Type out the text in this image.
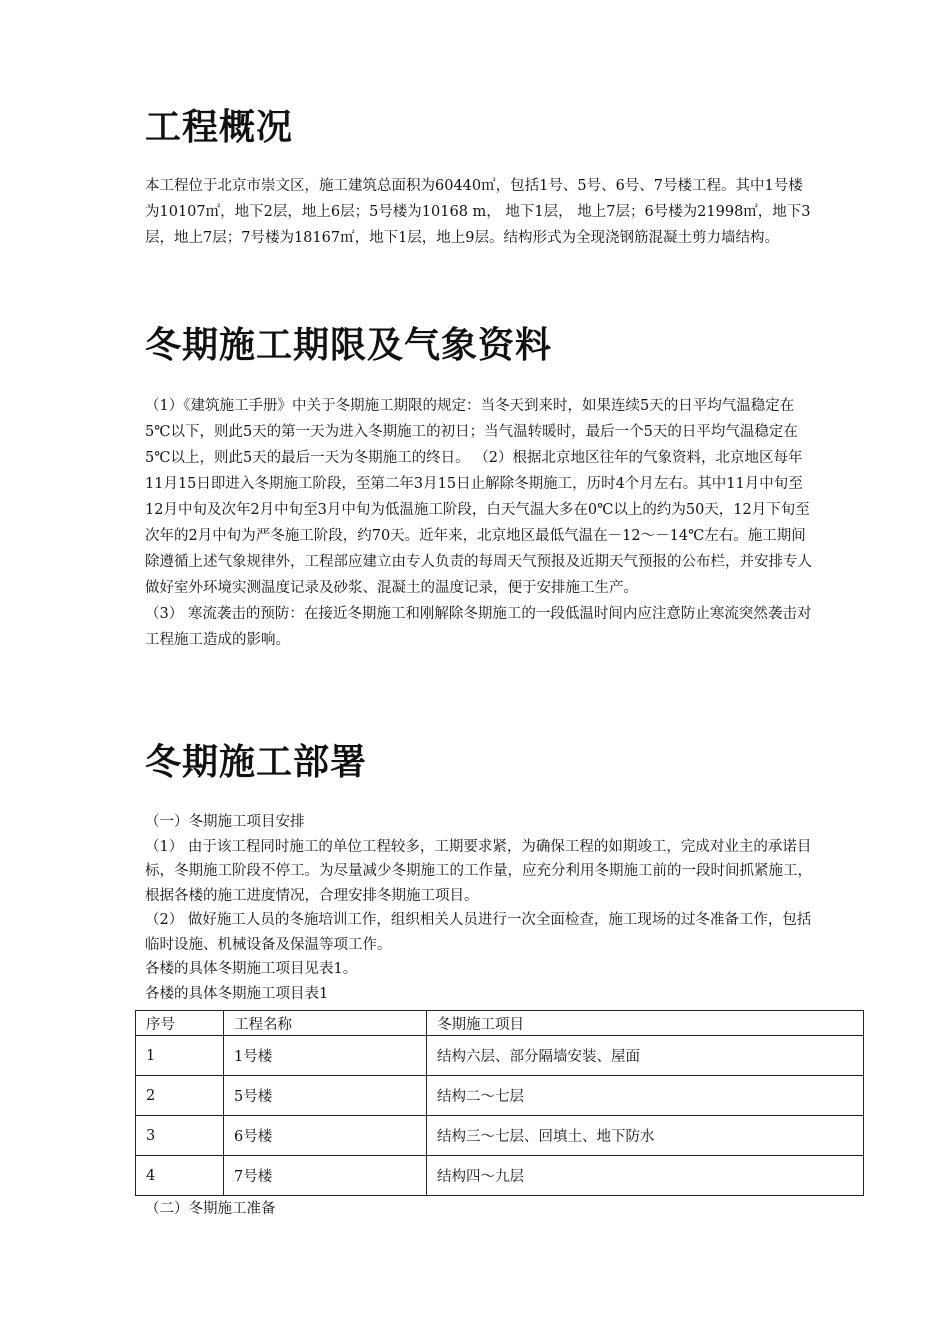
工程概况

本工程位于北京市崇文区，施工建筑总面积为60440㎡，包括1号、5号、6号、7号楼工程。其中1号楼为10107㎡，地下2层，地上6层；5号楼为10168 m， 地下1层， 地上7层；6号楼为21998㎡，地下3层，地上7层；7号楼为18167㎡，地下1层，地上9层。结构形式为全现浇钢筋混凝土剪力墙结构。

冬期施工期限及气象资料

（1）《建筑施工手册》中关于冬期施工期限的规定：当冬天到来时，如果连续5天的日平均气温稳定在5℃以下，则此5天的第一天为进入冬期施工的初日；当气温转暖时，最后一个5天的日平均气温稳定在5℃以上，则此5天的最后一天为冬期施工的终日。 （2）根据北京地区往年的气象资料，北京地区每年11月15日即进入冬期施工阶段，至第二年3月15日止解除冬期施工，历时4个月左右。其中11月中旬至12月中旬及次年2月中旬至3月中旬为低温施工阶段，白天气温大多在0℃以上的约为50天，12月下旬至次年的2月中旬为严冬施工阶段，约70天。近年来，北京地区最低气温在－12～－14℃左右。施工期间除遵循上述气象规律外，工程部应建立由专人负责的每周天气预报及近期天气预报的公布栏，并安排专人做好室外环境实测温度记录及砂浆、混凝土的温度记录，便于安排施工生产。

（3） 寒流袭击的预防：在接近冬期施工和刚解除冬期施工的一段低温时间内应注意防止寒流突然袭击对工程施工造成的影响。

冬期施工部署

（一）冬期施工项目安排

（1） 由于该工程同时施工的单位工程较多，工期要求紧，为确保工程的如期竣工，完成对业主的承诺目标，冬期施工阶段不停工。为尽量减少冬期施工的工作量，应充分利用冬期施工前的一段时间抓紧施工，根据各楼的施工进度情况，合理安排冬期施工项目。

（2） 做好施工人员的冬施培训工作，组织相关人员进行一次全面检查，施工现场的过冬准备工作，包括临时设施、机械设备及保温等项工作。

各楼的具体冬期施工项目见表1。

各楼的具体冬期施工项目表1

序号	工程名称	冬期施工项目
1	1号楼	结构六层、部分隔墙安装、屋面
2	5号楼	结构二～七层
3	6号楼	结构三～七层、回填土、地下防水
4	7号楼	结构四～九层
（二）冬期施工准备
